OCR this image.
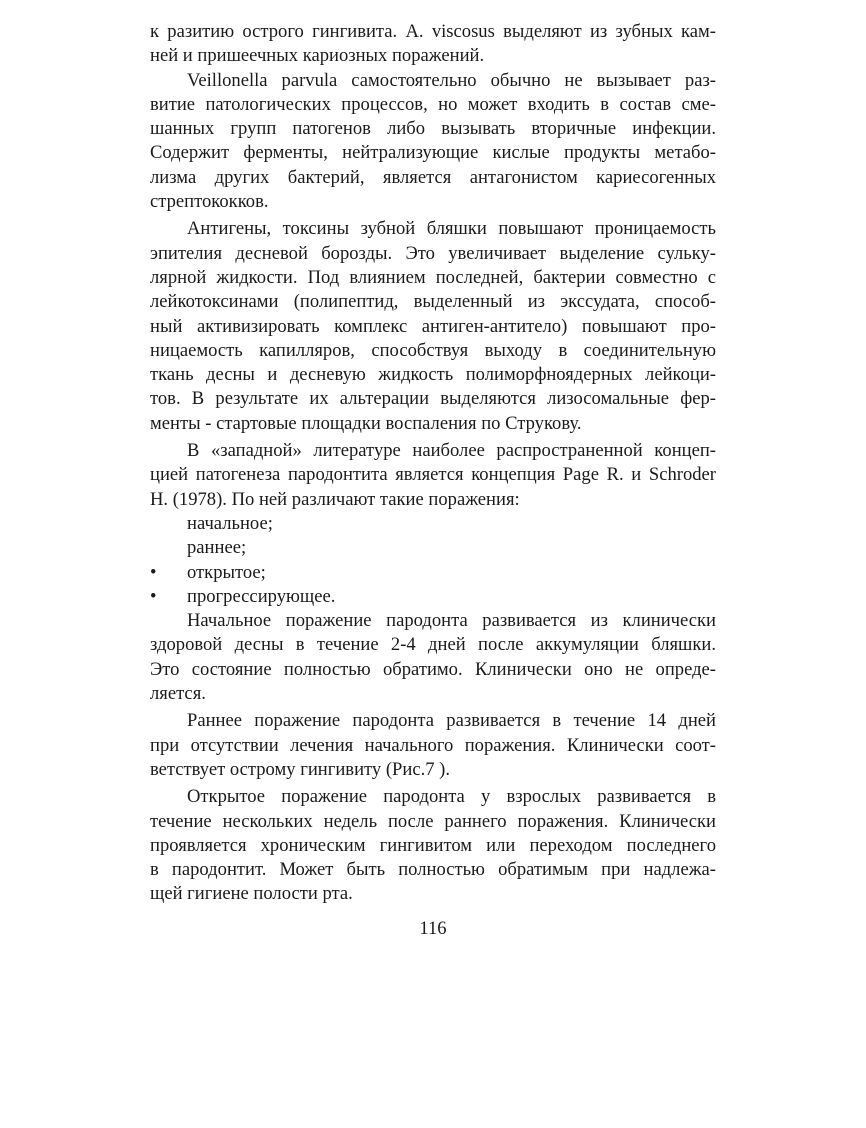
к разитию острого гингивита. A. viscosus выделяют из зубных кам-
ней и пришеечных кариозных поражений.
Veillonella parvula самостоятельно обычно не вызывает раз-
витие патологических процессов, но может входить в состав сме-
шанных групп патогенов либо вызывать вторичные инфекции.
Содержит ферменты, нейтрализующие кислые продукты метабо-
лизма других бактерий, является антагонистом кариесогенных
стрептококков.
Антигены, токсины зубной бляшки повышают проницаемость
эпителия десневой борозды. Это увеличивает выделение сульку-
лярной жидкости. Под влиянием последней, бактерии совместно с
лейкотоксинами (полипептид, выделенный из экссудата, способ-
ный активизировать комплекс антиген-антитело) повышают про-
ницаемость капилляров, способствуя выходу в соединительную
ткань десны и десневую жидкость полиморфноядерных лейкоци-
тов. В результате их альтерации выделяются лизосомальные фер-
менты - стартовые площадки воспаления по Струкову.
В «западной» литературе наиболее распространенной концеп-
цией патогенеза пародонтита является концепция Page R. и Schroder
H. (1978). По ней различают такие поражения:
начальное;
раннее;
•	открытое;
•	прогрессирующее.
Начальное поражение пародонта развивается из клинически
здоровой десны в течение 2-4 дней после аккумуляции бляшки.
Это состояние полностью обратимо. Клинически оно не опреде-
ляется.
Раннее поражение пародонта развивается в течение 14 дней
при отсутствии лечения начального поражения. Клинически соот-
ветствует острому гингивиту (Рис.7 ).
Открытое поражение пародонта у взрослых развивается в
течение нескольких недель после раннего поражения. Клинически
проявляется хроническим гингивитом или переходом последнего
в пародонтит. Может быть полностью обратимым при надлежа-
щей гигиене полости рта.
116
